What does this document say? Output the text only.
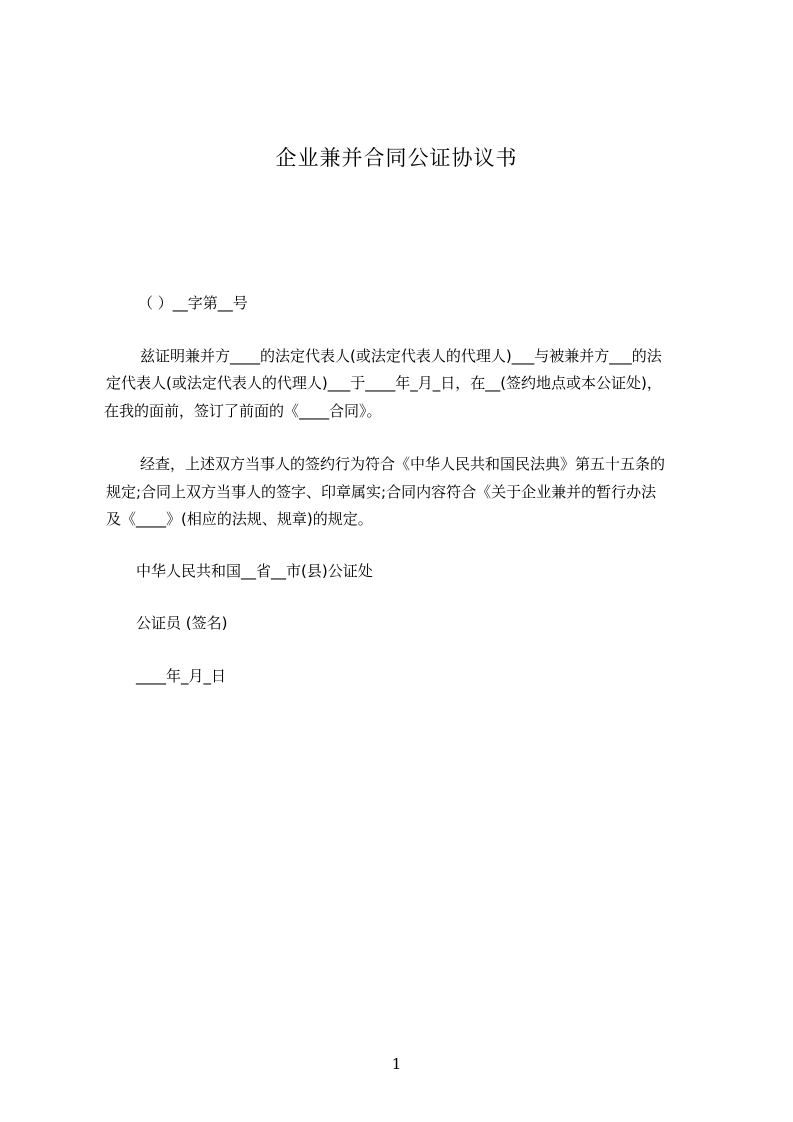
企业兼并合同公证协议书
（ ）__字第__号
兹证明兼并方____的法定代表人(或法定代表人的代理人)___与被兼并方___的法
定代表人(或法定代表人的代理人)___于____年_月_日，在__(签约地点或本公证处)，
在我的面前，签订了前面的《____合同》。
经查，上述双方当事人的签约行为符合《中华人民共和国民法典》第五十五条的
规定;合同上双方当事人的签字、印章属实;合同内容符合《关于企业兼并的暂行办法
及《____》(相应的法规、规章)的规定。
中华人民共和国__省__市(县)公证处
公证员 (签名)
____年_月_日
1
